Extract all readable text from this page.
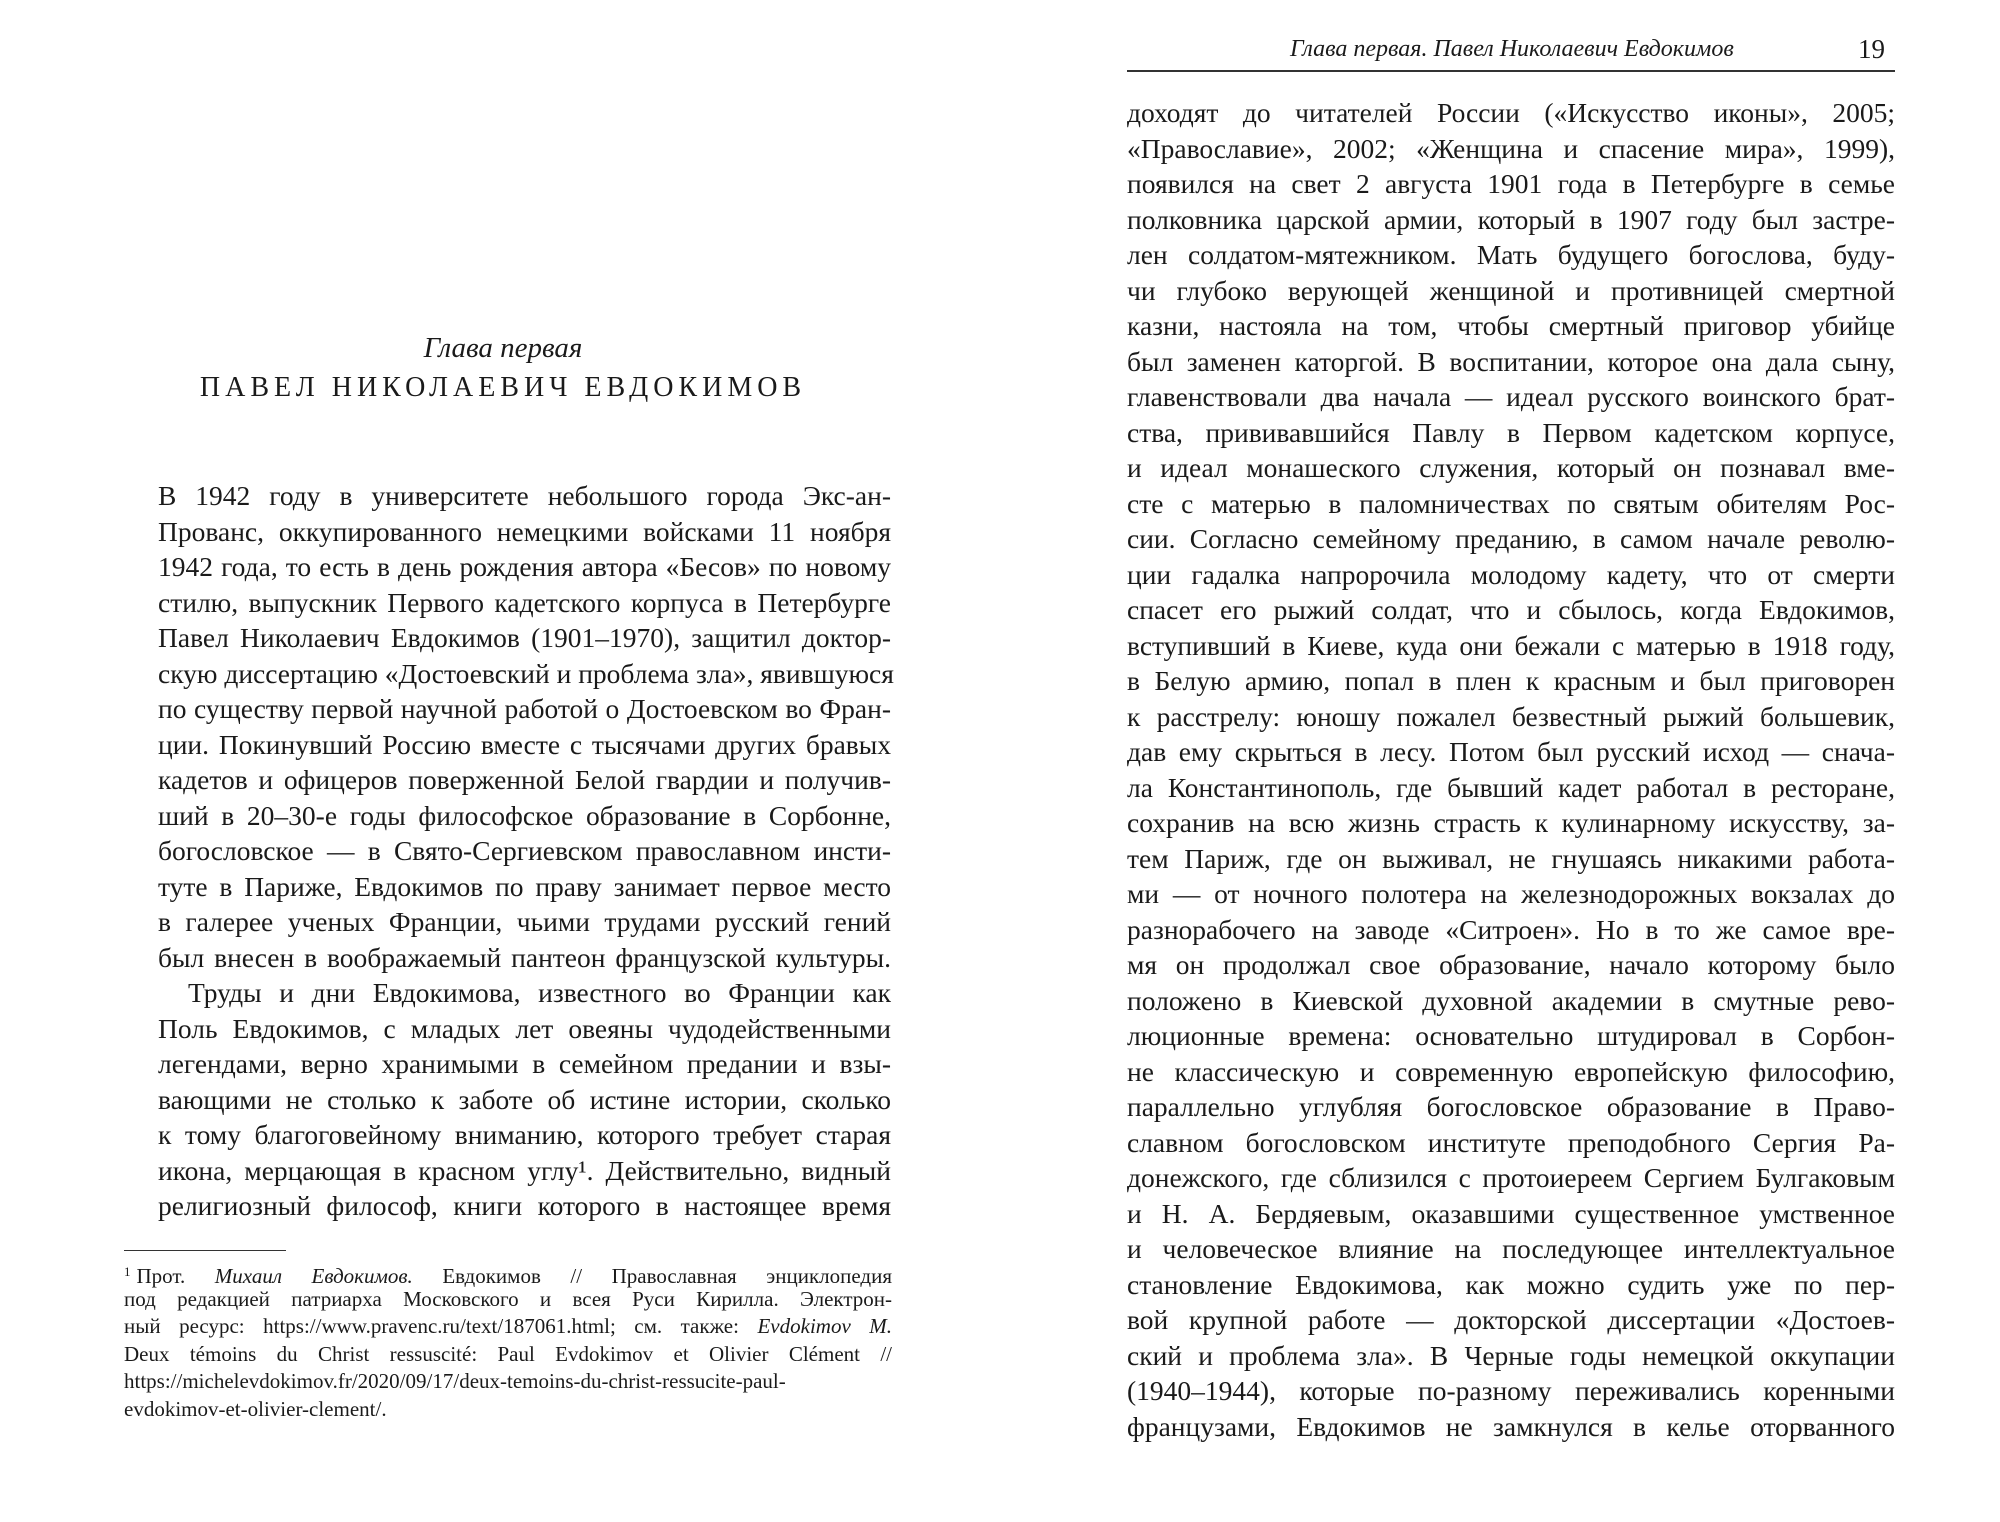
Глава первая
ПАВЕЛ НИКОЛАЕВИЧ ЕВДОКИМОВ
В 1942 году в университете небольшого города Экс-ан-
Прованс, оккупированного немецкими войсками 11 ноября
1942 года, то есть в день рождения автора «Бесов» по новому
стилю, выпускник Первого кадетского корпуса в Петербурге
Павел Николаевич Евдокимов (1901–1970), защитил доктор-
скую диссертацию «Достоевский и проблема зла», явившуюся
по существу первой научной работой о Достоевском во Фран-
ции. Покинувший Россию вместе с тысячами других бравых
кадетов и офицеров поверженной Белой гвардии и получив-
ший в 20–30-е годы философское образование в Сорбонне,
богословское — в Свято-Сергиевском православном инсти-
туте в Париже, Евдокимов по праву занимает первое место
в галерее ученых Франции, чьими трудами русский гений
был внесен в воображаемый пантеон французской культуры.
Труды и дни Евдокимова, известного во Франции как
Поль Евдокимов, с младых лет овеяны чудодейственными
легендами, верно хранимыми в семейном предании и взы-
вающими не столько к заботе об истине истории, сколько
к тому благоговейному вниманию, которого требует старая
икона, мерцающая в красном углу¹. Действительно, видный
религиозный философ, книги которого в настоящее время
$^1$ Прот. Михаил Евдокимов. Евдокимов // Православная энциклопедия
под редакцией патриарха Московского и всея Руси Кирилла. Электрон-
ный ресурс: https://www.pravenc.ru/text/187061.html; см. также: Evdokimov M.
Deux témoins du Christ ressuscité: Paul Evdokimov et Olivier Clément //
https://michelevdokimov.fr/2020/09/17/deux-temoins-du-christ-ressucite-paul-
evdokimov-et-olivier-clement/.
Глава первая. Павел Николаевич Евдокимов	19
доходят до читателей России («Искусство иконы», 2005;
«Православие», 2002; «Женщина и спасение мира», 1999),
появился на свет 2 августа 1901 года в Петербурге в семье
полковника царской армии, который в 1907 году был застре-
лен солдатом-мятежником. Мать будущего богослова, буду-
чи глубоко верующей женщиной и противницей смертной
казни, настояла на том, чтобы смертный приговор убийце
был заменен каторгой. В воспитании, которое она дала сыну,
главенствовали два начала — идеал русского воинского брат-
ства, прививавшийся Павлу в Первом кадетском корпусе,
и идеал монашеского служения, который он познавал вме-
сте с матерью в паломничествах по святым обителям Рос-
сии. Согласно семейному преданию, в самом начале револю-
ции гадалка напророчила молодому кадету, что от смерти
спасет его рыжий солдат, что и сбылось, когда Евдокимов,
вступивший в Киеве, куда они бежали с матерью в 1918 году,
в Белую армию, попал в плен к красным и был приговорен
к расстрелу: юношу пожалел безвестный рыжий большевик,
дав ему скрыться в лесу. Потом был русский исход — снача-
ла Константинополь, где бывший кадет работал в ресторане,
сохранив на всю жизнь страсть к кулинарному искусству, за-
тем Париж, где он выживал, не гнушаясь никакими работа-
ми — от ночного полотера на железнодорожных вокзалах до
разнорабочего на заводе «Ситроен». Но в то же самое вре-
мя он продолжал свое образование, начало которому было
положено в Киевской духовной академии в смутные рево-
люционные времена: основательно штудировал в Сорбон-
не классическую и современную европейскую философию,
параллельно углубляя богословское образование в Право-
славном богословском институте преподобного Сергия Ра-
донежского, где сблизился с протоиереем Сергием Булгаковым
и Н. А. Бердяевым, оказавшими существенное умственное
и человеческое влияние на последующее интеллектуальное
становление Евдокимова, как можно судить уже по пер-
вой крупной работе — докторской диссертации «Достоев-
ский и проблема зла». В Черные годы немецкой оккупации
(1940–1944), которые по-разному переживались коренными
французами, Евдокимов не замкнулся в келье оторванного
